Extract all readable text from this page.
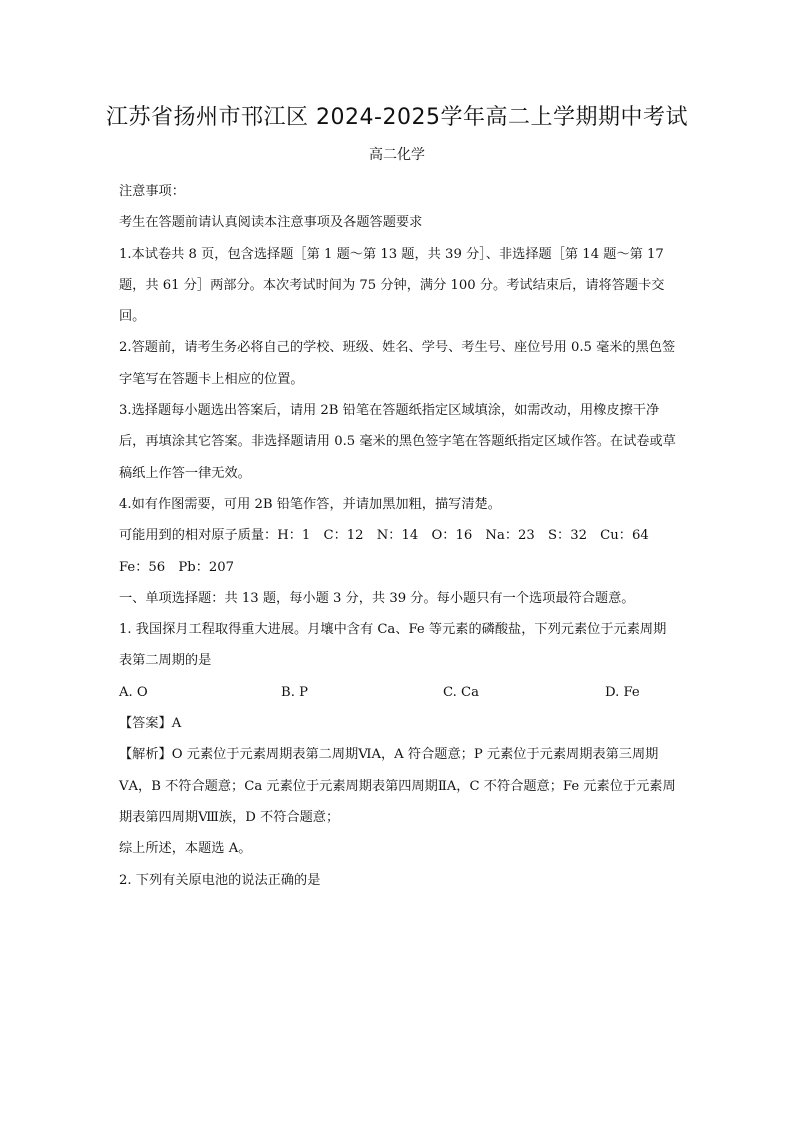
江苏省扬州市邗江区 2024-2025学年高二上学期期中考试
高二化学

注意事项：

考生在答题前请认真阅读本注意事项及各题答题要求

1.本试卷共 8 页，包含选择题［第 1 题～第 13 题，共 39 分］、非选择题［第 14 题～第 17 题，共 61 分］两部分。本次考试时间为 75 分钟，满分 100 分。考试结束后，请将答题卡交回。

2.答题前，请考生务必将自己的学校、班级、姓名、学号、考生号、座位号用 0.5 毫米的黑色签字笔写在答题卡上相应的位置。

3.选择题每小题选出答案后，请用 2B 铅笔在答题纸指定区域填涂，如需改动，用橡皮擦干净后，再填涂其它答案。非选择题请用 0.5 毫米的黑色签字笔在答题纸指定区域作答。在试卷或草稿纸上作答一律无效。

4.如有作图需要，可用 2B 铅笔作答，并请加黑加粗，描写清楚。

可能用到的相对原子质量：H：1　C：12　N：14　O：16　Na：23　S：32　Cu：64　Fe：56　Pb：207

一、单项选择题：共 13 题，每小题 3 分，共 39 分。每小题只有一个选项最符合题意。

1. 我国探月工程取得重大进展。月壤中含有 Ca、Fe 等元素的磷酸盐，下列元素位于元素周期表第二周期的是

A. O	B. P	C. Ca	D. Fe

【答案】A

【解析】O 元素位于元素周期表第二周期ⅥA，A 符合题意；P 元素位于元素周期表第三周期ⅤA，B 不符合题意；Ca 元素位于元素周期表第四周期ⅡA，C 不符合题意；Fe 元素位于元素周期表第四周期Ⅷ族，D 不符合题意；

综上所述，本题选 A。

2. 下列有关原电池的说法正确的是
